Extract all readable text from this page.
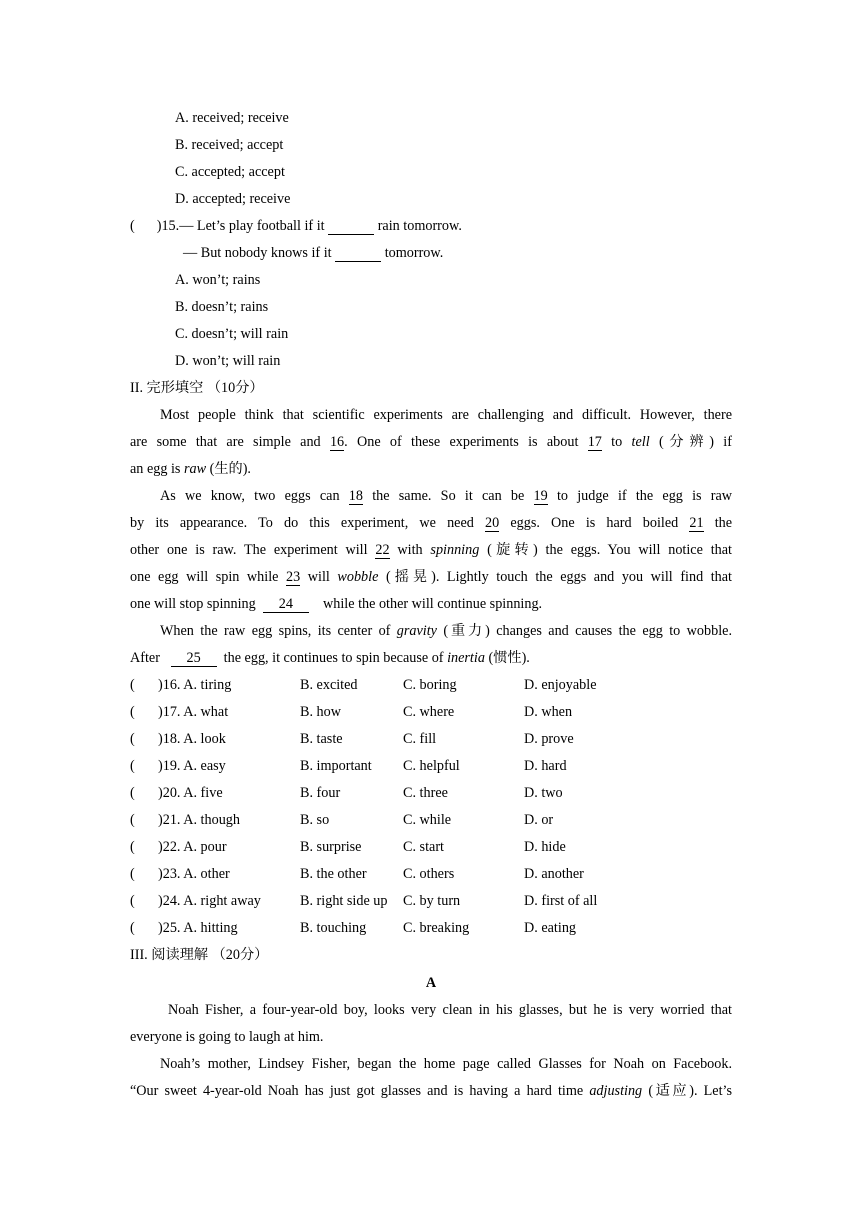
A. received; receive
B. received; accept
C. accepted; accept
D. accepted; receive
( )15.— Let’s play football if it	rain tomorrow.
— But nobody knows if it	tomorrow.
A. won’t; rains
B. doesn’t; rains
C. doesn’t; will rain
D. won’t; will rain
II. 完形填空 （10分）
Most people think that scientific experiments are challenging and difficult. However, there
are some that are simple and 16. One of these experiments is about 17 to tell (分辨) if
an egg is raw (生的).
As we know, two eggs can 18 the same. So it can be 19 to judge if the egg is raw
by its appearance. To do this experiment, we need 20 eggs. One is hard boiled 21 the
other one is raw. The experiment will 22 with spinning (旋转) the eggs. You will notice that
one egg will spin while 23 will wobble (摇晃). Lightly touch the eggs and you will find that
one will stop spinning 24 while the other will continue spinning.
When the raw egg spins, its center of gravity (重力) changes and causes the egg to wobble.
After 25 the egg, it continues to spin because of inertia (惯性).
( )16. A. tiring	B. excited	C. boring	D. enjoyable
( )17. A. what	B. how	C. where	D. when
( )18. A. look	B. taste	C. fill	D. prove
( )19. A. easy	B. important C. helpful	D. hard
( )20. A. five	B. four	C. three	D. two
( )21. A. though	B. so	C. while	D. or
( )22. A. pour	B. surprise	C. start	D. hide
( )23. A. other	B. the other	C. others	D. another
( )24. A. right away	B. right side up C. by turn	D. first of all
( )25. A. hitting	B. touching	C. breaking	D. eating
III. 阅读理解 （20分）
A
Noah Fisher, a four-year-old boy, looks very clean in his glasses, but he is very worried that
everyone is going to laugh at him.
Noah’s mother, Lindsey Fisher, began the home page called Glasses for Noah on Facebook.
“Our sweet 4-year-old Noah has just got glasses and is having a hard time adjusting (适应). Let’s
